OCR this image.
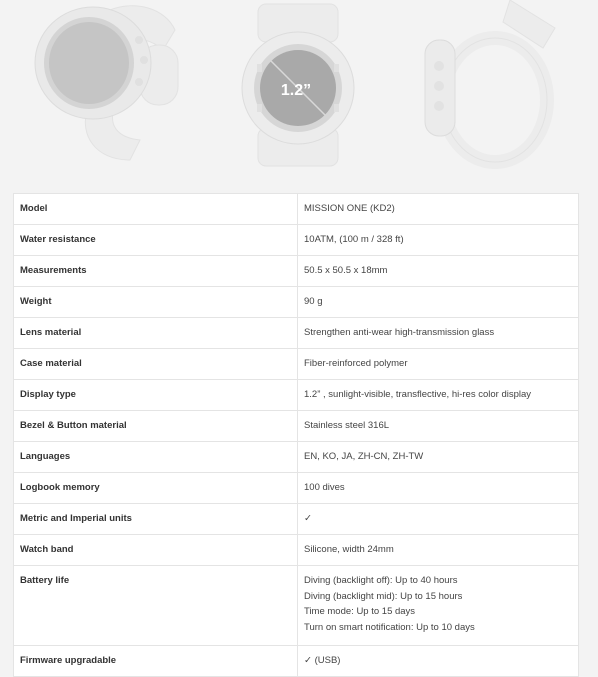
1.2”
Model	MISSION ONE (KD2)
Water resistance	10ATM, (100 m / 328 ft)
Measurements	50.5 x 50.5 x 18mm
Weight	90 g
Lens material	Strengthen anti-wear high-transmission glass
Case material	Fiber-reinforced polymer
Display type	1.2” , sunlight-visible, transflective, hi-res color display
Bezel & Button material	Stainless steel 316L
Languages	EN, KO, JA, ZH-CN, ZH-TW
Logbook memory	100 dives
Metric and Imperial units	✓
Watch band	Silicone, width 24mm
Battery life	Diving (backlight off): Up to 40 hours
Diving (backlight mid): Up to 15 hours
Time mode: Up to 15 days
Turn on smart notification: Up to 10 days

Firmware upgradable	✓ (USB)
